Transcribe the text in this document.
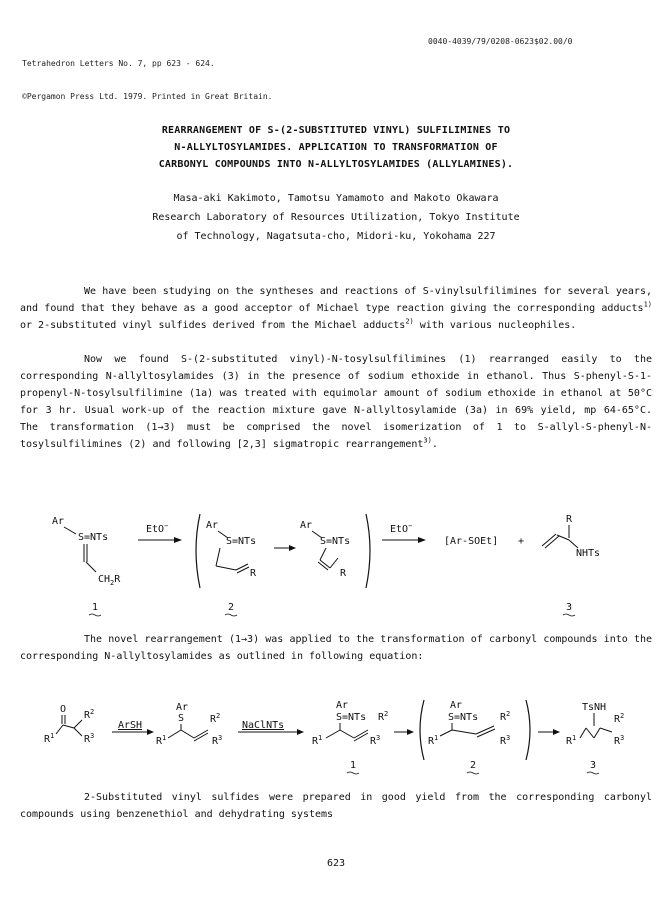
Tetrahedron Letters No. 7, pp 623 - 624.

©Pergamon Press Ltd. 1979. Printed in Great Britain.

0040-4039/79/0208-0623$02.00/0
REARRANGEMENT OF S-(2-SUBSTITUTED VINYL) SULFILIMINES TO
N-ALLYLTOSYLAMIDES. APPLICATION TO TRANSFORMATION OF
CARBONYL COMPOUNDS INTO N-ALLYLTOSYLAMIDES (ALLYLAMINES).
Masa-aki Kakimoto, Tamotsu Yamamoto and Makoto Okawara
Research Laboratory of Resources Utilization, Tokyo Institute
of Technology, Nagatsuta-cho, Midori-ku, Yokohama 227
We have been studying on the syntheses and reactions of S-vinylsulfilimines for several years, and found that they behave as a good acceptor of Michael type reaction giving the corresponding adducts$^{1)}$ or 2-substituted vinyl sulfides derived from the Michael adducts$^{2)}$ with various nucleophiles.
Now we found S-(2-substituted vinyl)-N-tosylsulfilimines (1) rearranged easily to the corresponding N-allyltosylamides (3) in the presence of sodium ethoxide in ethanol. Thus S-phenyl-S-1-propenyl-N-tosylsulfilimine (1a) was treated with equimolar amount of sodium ethoxide in ethanol at 50°C for 3 hr. Usual work-up of the reaction mixture gave N-allyltosylamide (3a) in 69% yield, mp 64-65°C. The transformation (1→3) must be comprised the novel isomerization of 1 to S-allyl-S-phenyl-N-tosylsulfilimines (2) and following [2,3] sigmatropic rearrangement$^{3)}$.
Ar
S=NTs
$CH_2R$
EtO−	Ar
S=NTs
R
Ar
S=NTs
R
EtO−
[Ar-SOEt] +
R
NHTs
1	2	3
The novel rearrangement (1→3) was applied to the transformation of carbonyl compounds into the corresponding N-allyltosylamides as outlined in following equation:
O
$R^1$
$R^2$
$R^3$
ArSH
Ar
S
$R^1$
$R^2$
$R^3$
NaClNTs
Ar
S=NTs
$R^1$
$R^2$
$R^3$
Ar
S=NTs
$R^1$
$R^2$
$R^3$
TsNH
$R^1$
$R^2$
$R^3$
1	2	3
2-Substituted vinyl sulfides were prepared in good yield from the corresponding carbonyl compounds using benzenethiol and dehydrating systems
623
